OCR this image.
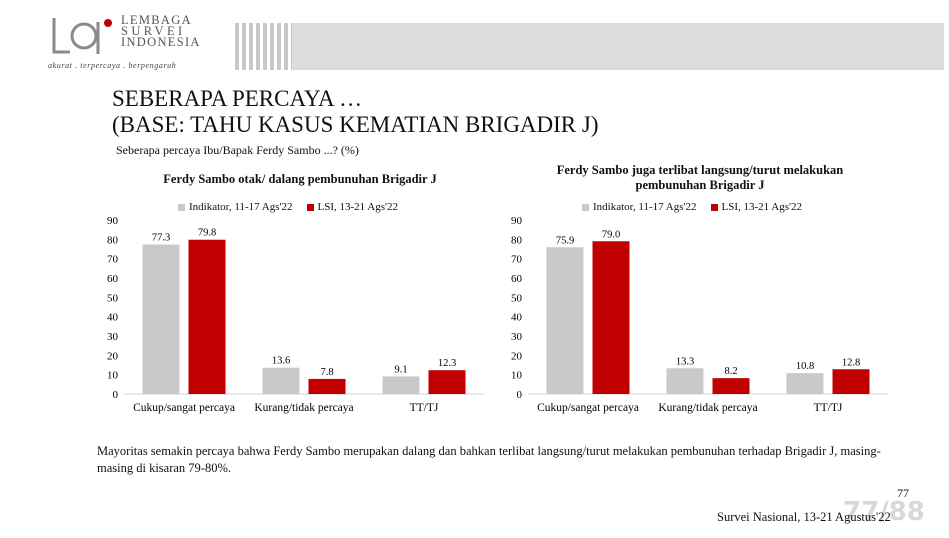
LEMBAGA
SURVEI
INDONESIA
akurat . terpercaya . berpengaruh
SEBERAPA PERCAYA …
(BASE: TAHU KASUS KEMATIAN BRIGADIR J)
Seberapa percaya Ibu/Bapak Ferdy Sambo ...? (%)
Ferdy Sambo otak/ dalang pembunuhan Brigadir J
Indikator, 11-17 Ags'22 LSI, 13-21 Ags'22
0
10
20
30
40
50
60
70
80
90
77.3	79.8
Cukup/sangat percaya
13.6
7.8
Kurang/tidak percaya
9.1
12.3
TT/TJ
Ferdy Sambo juga terlibat langsung/turut melakukan pembunuhan Brigadir J
Indikator, 11-17 Ags'22 LSI, 13-21 Ags'22
0
10
20
30
40
50
60
70
80
90
75.9
79.0
Cukup/sangat percaya
13.3
8.2
Kurang/tidak percaya
10.8	12.8
TT/TJ
Mayoritas semakin percaya bahwa Ferdy Sambo merupakan dalang dan bahkan terlibat langsung/turut melakukan pembunuhan terhadap Brigadir J, masing-masing di kisaran 79-80%.
77
77/88
Survei Nasional, 13-21 Agustus'22
